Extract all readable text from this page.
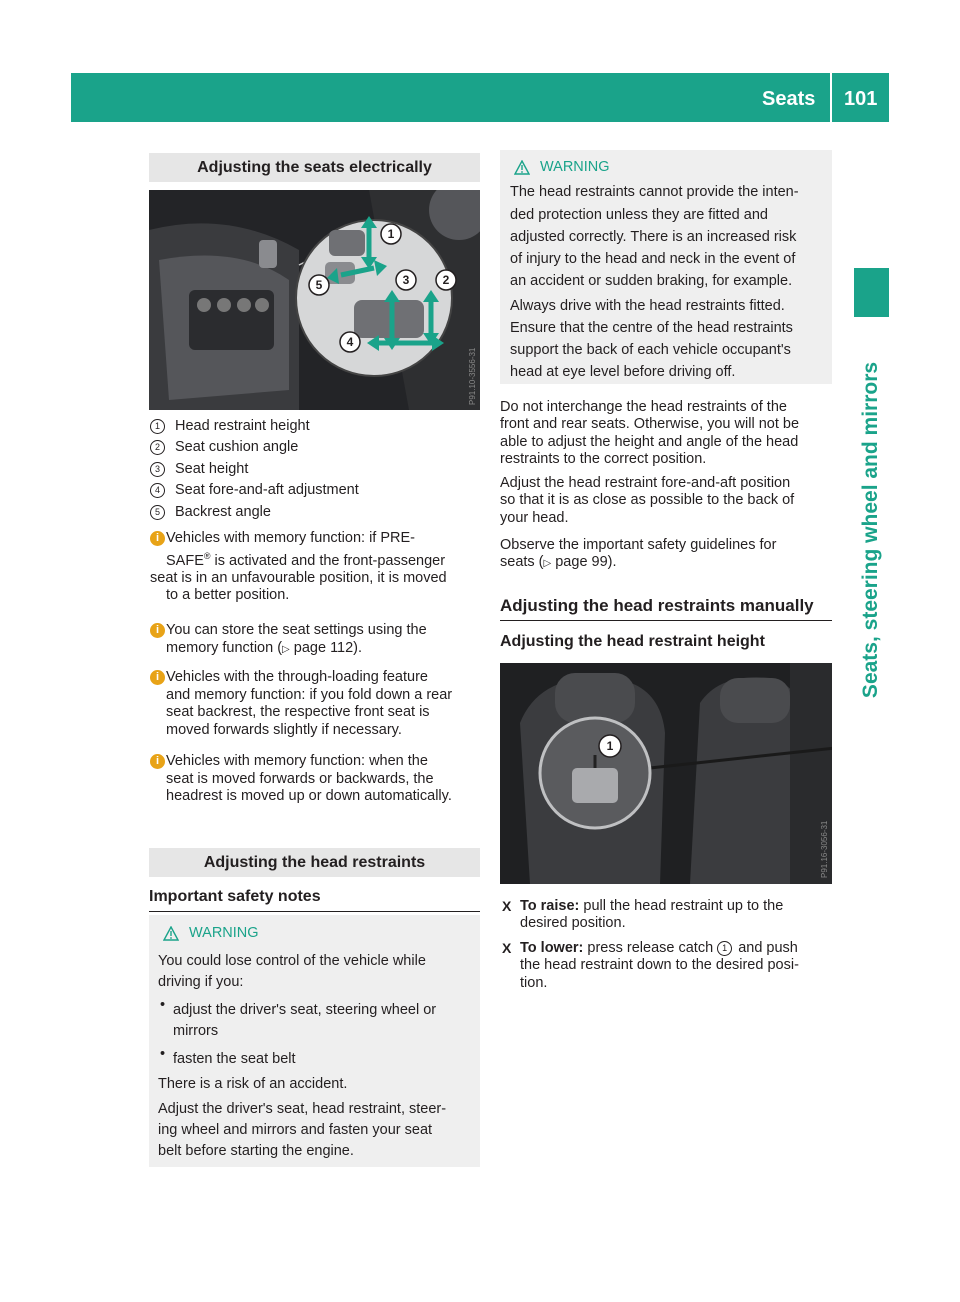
Seats 101
Seats, steering wheel and mirrors
Adjusting the seats electrically
1
2
3
4
5
P91.10-3556-31
1 Head restraint height
2 Seat cushion angle
3 Seat height
4 Seat fore-and-aft adjustment
5 Backrest angle
i Vehicles with memory function: if PRE-
SAFE® is activated and the front-passenger

seat is in an unfavourable position, it is moved
to a better position.
i You can store the seat settings using the
memory function (▷ page 112).
i Vehicles with the through-loading feature
and memory function: if you fold down a rear
seat backrest, the respective front seat is
moved forwards slightly if necessary.
i Vehicles with memory function: when the
seat is moved forwards or backwards, the
headrest is moved up or down automatically.
Adjusting the head restraints
Important safety notes
WARNING
You could lose control of the vehicle while
driving if you:
• adjust the driver's seat, steering wheel or
mirrors
• fasten the seat belt
There is a risk of an accident.
Adjust the driver's seat, head restraint, steer-
ing wheel and mirrors and fasten your seat
belt before starting the engine.
WARNING
The head restraints cannot provide the inten-
ded protection unless they are fitted and
adjusted correctly. There is an increased risk
of injury to the head and neck in the event of
an accident or sudden braking, for example.
Always drive with the head restraints fitted.
Ensure that the centre of the head restraints
support the back of each vehicle occupant's
head at eye level before driving off.
Do not interchange the head restraints of the
front and rear seats. Otherwise, you will not be
able to adjust the height and angle of the head
restraints to the correct position.
Adjust the head restraint fore-and-aft position
so that it is as close as possible to the back of
your head.
Observe the important safety guidelines for
seats (▷ page 99).
Adjusting the head restraints manually
Adjusting the head restraint height
1
P91.16-3056-31
X To raise: pull the head restraint up to the
desired position.
X To lower: press release catch 1 and push
the head restraint down to the desired posi-
tion.
